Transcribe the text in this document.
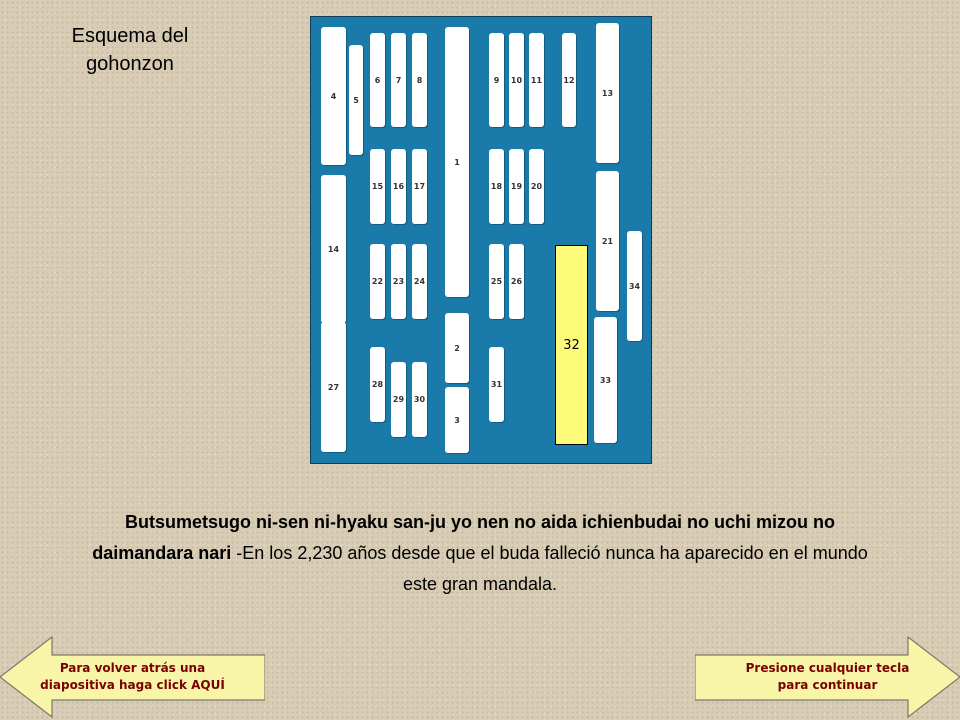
Esquema del
gohonzon
1
2
3
4 5
6 7 8	9 10 11	12
13
14
15 16 17	18 19 20
21
22 23 24	25 26
27	28
29 30
31
32
33
34
Butsumetsugo ni-sen ni-hyaku san-ju yo nen no aida ichienbudai no uchi mizou no daimandara nari -En los 2,230 años desde que el buda falleció nunca ha aparecido en el mundo este gran mandala.
Para volver atrás una diapositiva haga click AQUÍ
Presione cualquier tecla para continuar
